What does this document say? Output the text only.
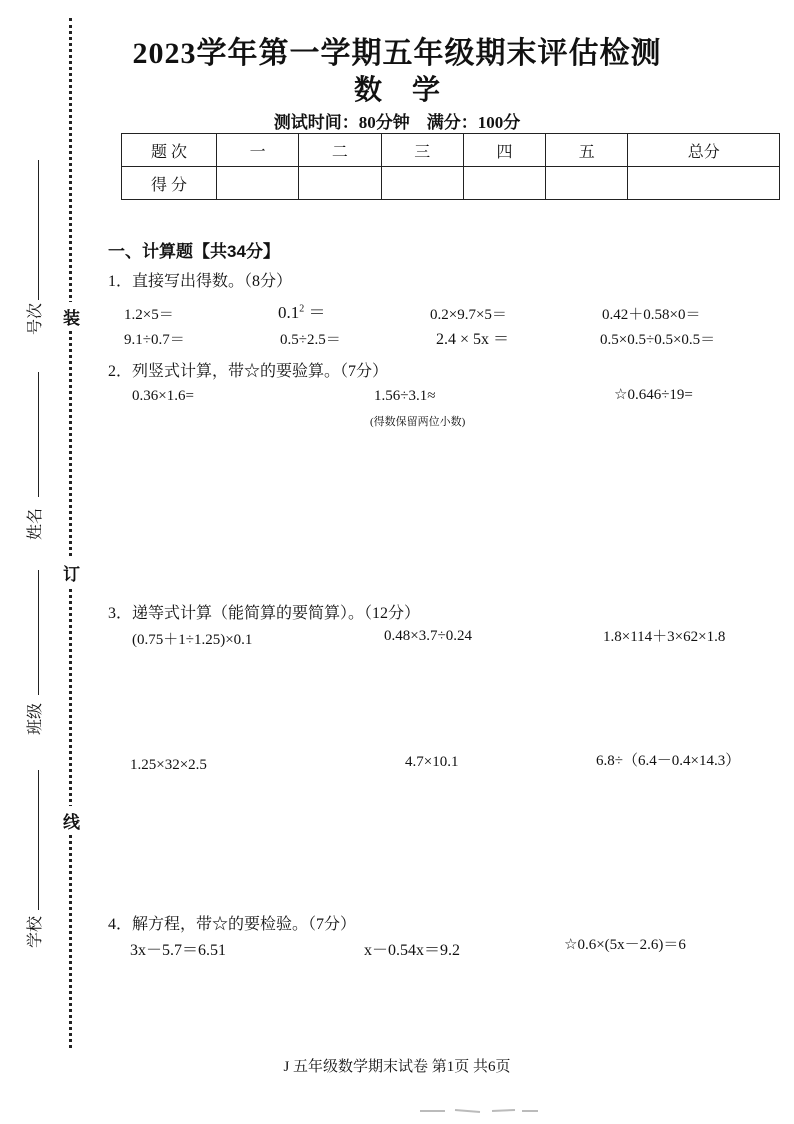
号次
姓名
班级
学校
装
订
线
2023学年第一学期五年级期末评估检测
数学
测试时间：80分钟　满分：100分
题 次	一	二	三	四	五	总分
得 分						
一、计算题【共34分】
1．直接写出得数。（8分）
1.2×5＝	$0.1^2$ ＝	0.2×9.7×5＝	0.42＋0.58×0＝
9.1÷0.7＝	0.5÷2.5＝	2.4 × 5x ＝	0.5×0.5÷0.5×0.5＝
2．列竖式计算，带☆的要验算。（7分）
0.36×1.6=	1.56÷3.1≈
(得数保留两位小数)
☆0.646÷19=
3．递等式计算（能简算的要简算）。（12分）
(0.75＋1÷1.25)×0.1	0.48×3.7÷0.24	1.8×114＋3×62×1.8
1.25×32×2.5	4.7×10.1	6.8÷（6.4－0.4×14.3）
4．解方程，带☆的要检验。（7分）
3x－5.7＝6.51	x－0.54x＝9.2	☆0.6×(5x－2.6)＝6
J 五年级数学期末试卷 第1页 共6页
